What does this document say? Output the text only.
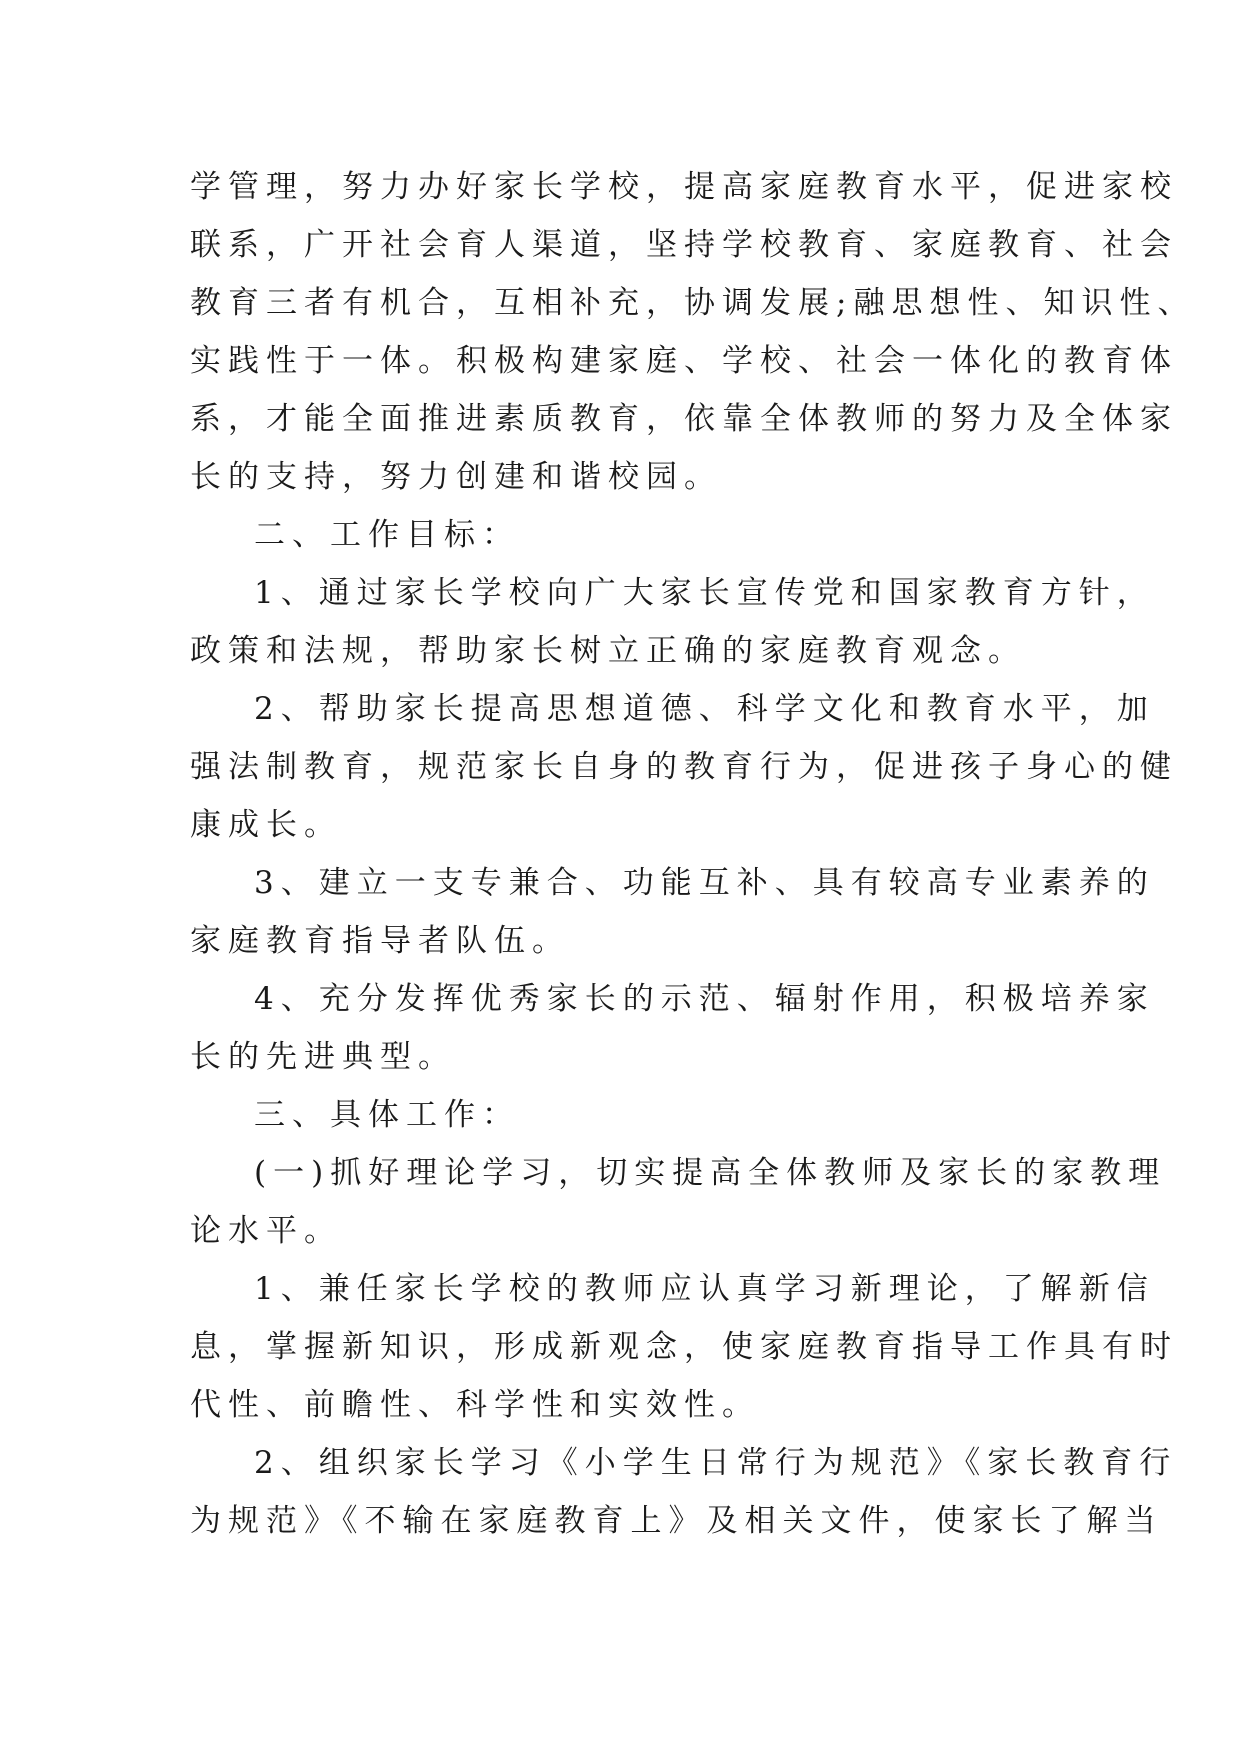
学管理，努力办好家长学校，提高家庭教育水平，促进家校
联系，广开社会育人渠道，坚持学校教育、家庭教育、社会
教育三者有机合，互相补充，协调发展;融思想性、知识性、
实践性于一体。积极构建家庭、学校、社会一体化的教育体
系，才能全面推进素质教育，依靠全体教师的努力及全体家
长的支持，努力创建和谐校园。
二、工作目标：
1、通过家长学校向广大家长宣传党和国家教育方针，
政策和法规，帮助家长树立正确的家庭教育观念。
2、帮助家长提高思想道德、科学文化和教育水平，加
强法制教育，规范家长自身的教育行为，促进孩子身心的健
康成长。
3、建立一支专兼合、功能互补、具有较高专业素养的
家庭教育指导者队伍。
4、充分发挥优秀家长的示范、辐射作用，积极培养家
长的先进典型。
三、具体工作：
(一)抓好理论学习，切实提高全体教师及家长的家教理
论水平。
1、兼任家长学校的教师应认真学习新理论，了解新信
息，掌握新知识，形成新观念，使家庭教育指导工作具有时
代性、前瞻性、科学性和实效性。
2、组织家长学习《小学生日常行为规范》《家长教育行
为规范》《不输在家庭教育上》及相关文件，使家长了解当
